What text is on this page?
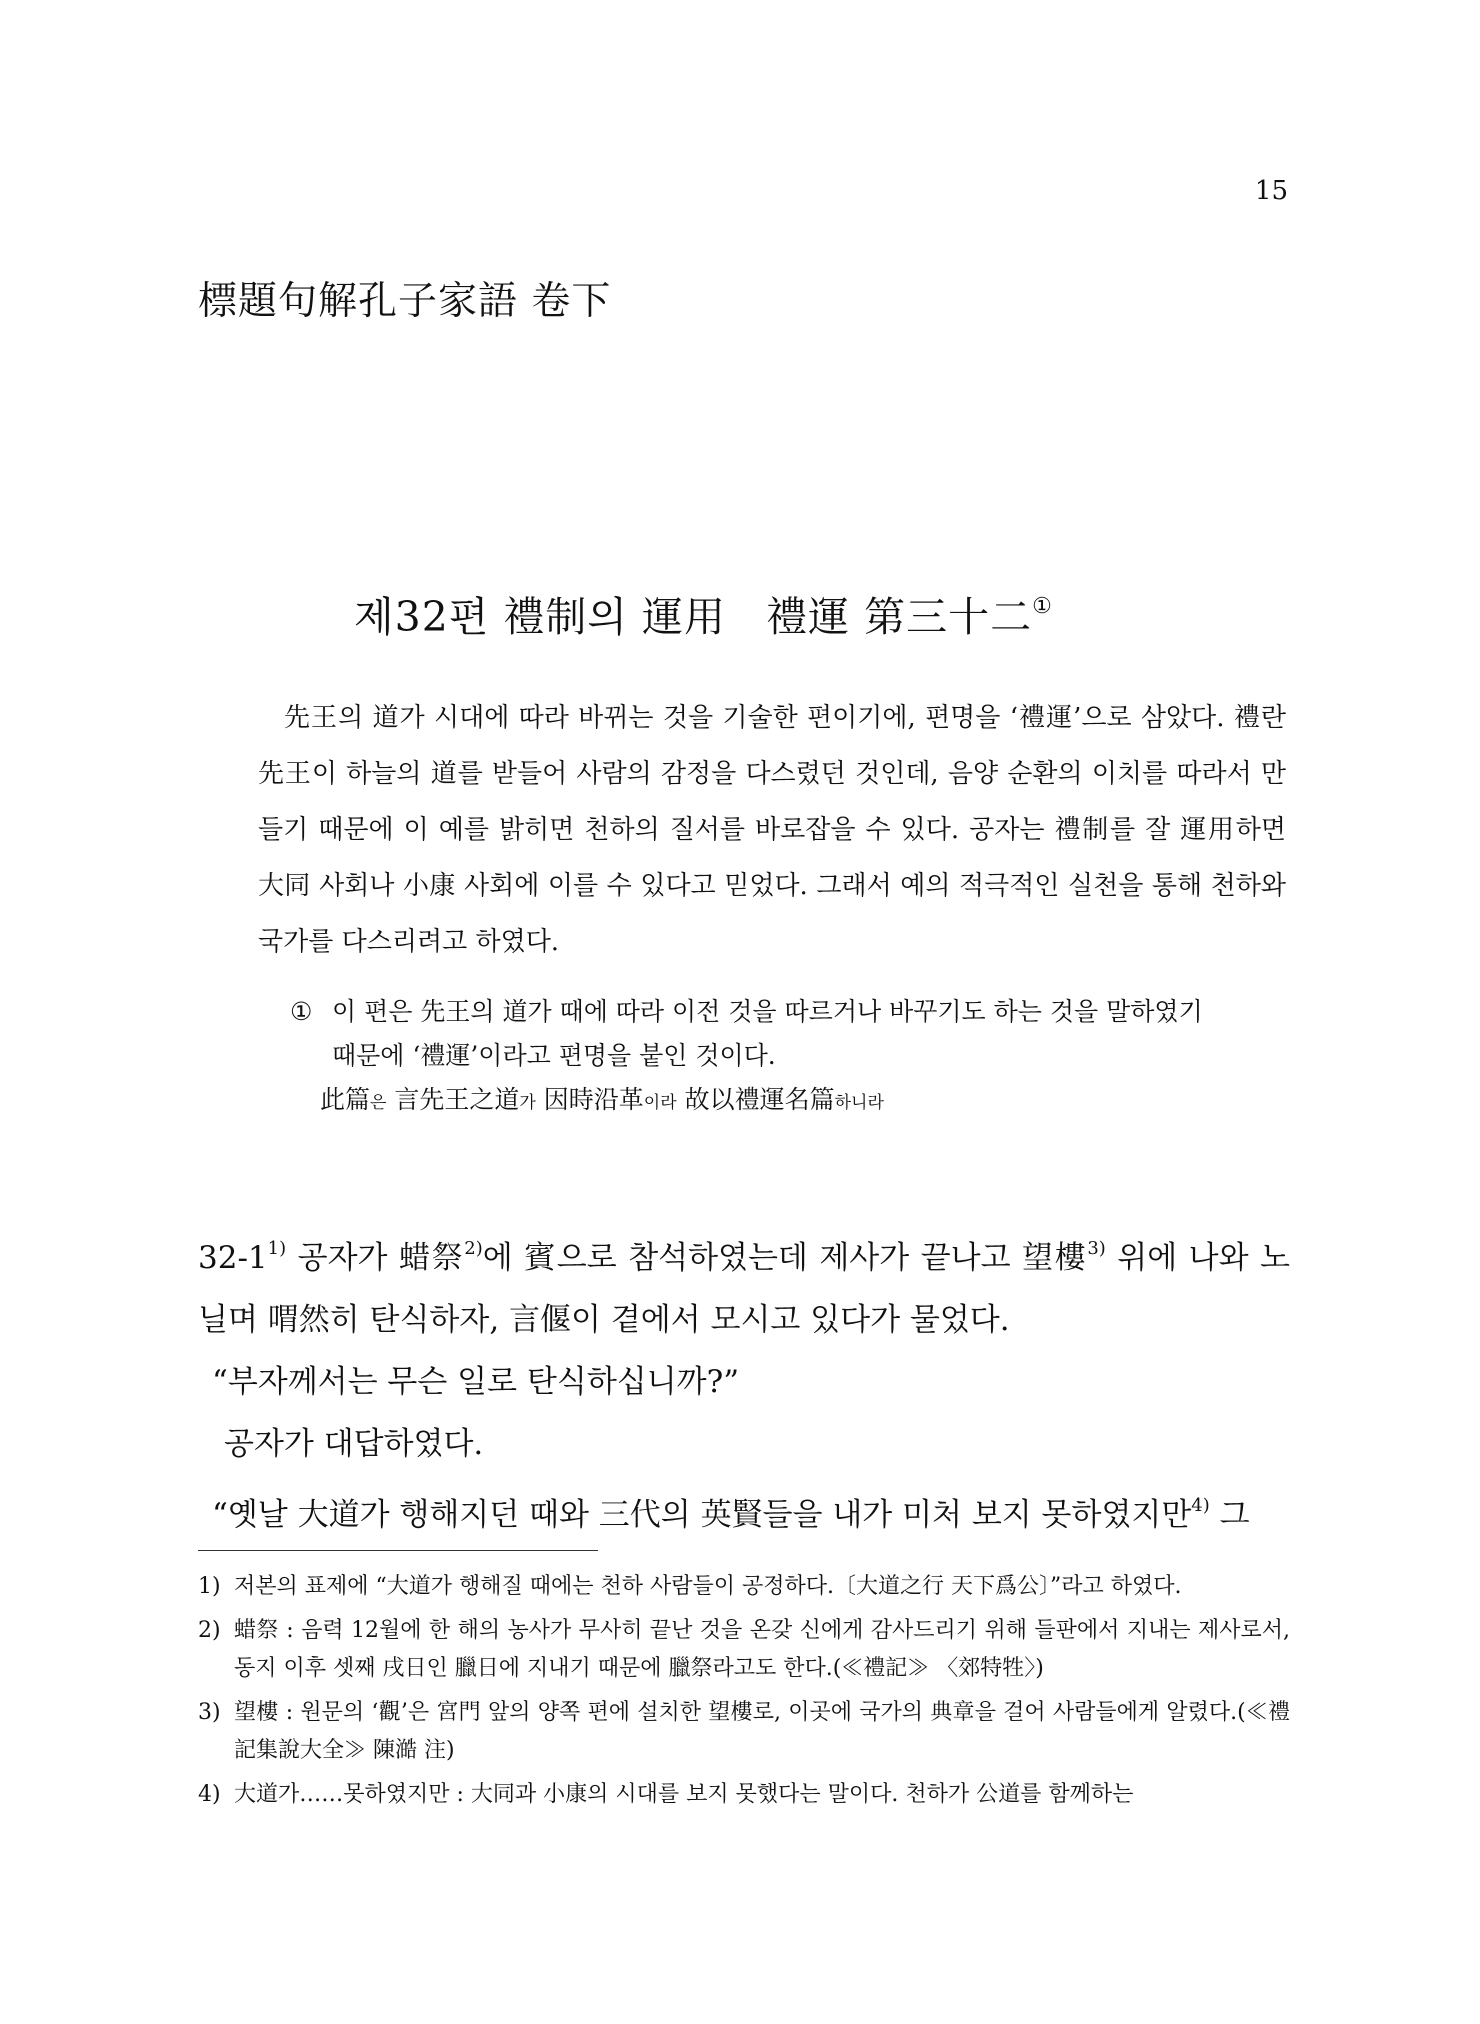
15
標題句解孔子家語 卷下
제32편 禮制의 運用 禮運 第三十二①
先王의 道가 시대에 따라 바뀌는 것을 기술한 편이기에, 편명을 ‘禮運’으로 삼았다. 禮란 先王이 하늘의 道를 받들어 사람의 감정을 다스렸던 것인데, 음양 순환의 이치를 따라서 만들기 때문에 이 예를 밝히면 천하의 질서를 바로잡을 수 있다. 공자는 禮制를 잘 運用하면 大同 사회나 小康 사회에 이를 수 있다고 믿었다. 그래서 예의 적극적인 실천을 통해 천하와 국가를 다스리려고 하였다.
① 이 편은 先王의 道가 때에 따라 이전 것을 따르거나 바꾸기도 하는 것을 말하였기
때문에 ‘禮運’이라고 편명을 붙인 것이다.
此篇은 言先王之道가 因時沿革이라 故以禮運名篇하니라
32-1$^{1)}$ 공자가 蜡祭$^{2)}$에 賓으로 참석하였는데 제사가 끝나고 望樓$^{3)}$ 위에 나와 노닐며 喟然히 탄식하자, 言偃이 곁에서 모시고 있다가 물었다.
“부자께서는 무슨 일로 탄식하십니까?”
공자가 대답하였다.
“옛날 大道가 행해지던 때와 三代의 英賢들을 내가 미처 보지 못하였지만$^{4)}$ 그
1) 저본의 표제에 “大道가 행해질 때에는 천하 사람들이 공정하다.〔大道之行 天下爲公〕”라고 하였다.
2) 蜡祭 : 음력 12월에 한 해의 농사가 무사히 끝난 것을 온갖 신에게 감사드리기 위해 들판에서 지내는 제사로서, 동지 이후 셋째 戌日인 臘日에 지내기 때문에 臘祭라고도 한다.(≪禮記≫ 〈郊特牲〉)
3) 望樓 : 원문의 ‘觀’은 宮門 앞의 양쪽 편에 설치한 望樓로, 이곳에 국가의 典章을 걸어 사람들에게 알렸다.(≪禮記集說大全≫ 陳澔 注)
4) 大道가……못하였지만 : 大同과 小康의 시대를 보지 못했다는 말이다. 천하가 公道를 함께하는
